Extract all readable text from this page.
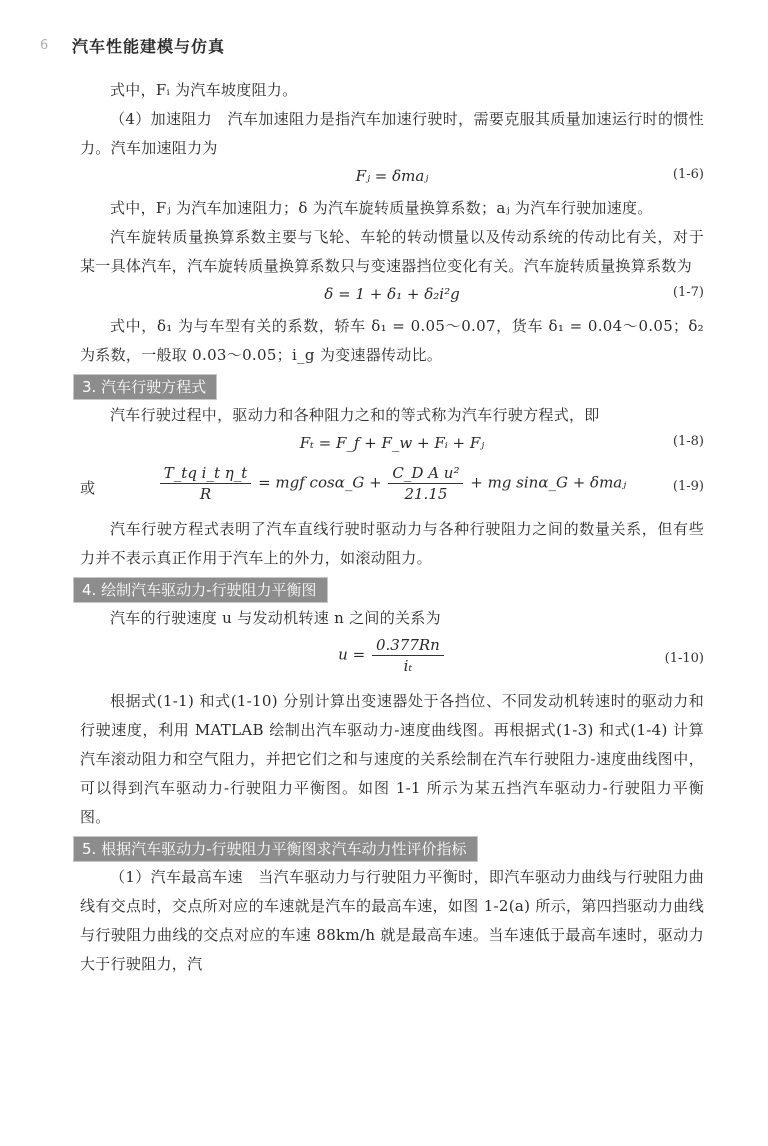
6	汽车性能建模与仿真

式中，Fᵢ 为汽车坡度阻力。

（4）加速阻力　汽车加速阻力是指汽车加速行驶时，需要克服其质量加速运行时的惯性力。汽车加速阻力为

Fⱼ = δmaⱼ	(1-6)

式中，Fⱼ 为汽车加速阻力；δ 为汽车旋转质量换算系数；aⱼ 为汽车行驶加速度。

汽车旋转质量换算系数主要与飞轮、车轮的转动惯量以及传动系统的传动比有关，对于某一具体汽车，汽车旋转质量换算系数只与变速器挡位变化有关。汽车旋转质量换算系数为

δ = 1 + δ₁ + δ₂i²g	(1-7)

式中，δ₁ 为与车型有关的系数，轿车 δ₁ = 0.05～0.07，货车 δ₁ = 0.04～0.05；δ₂ 为系数，一般取 0.03～0.05；i_g 为变速器传动比。

3. 汽车行驶方程式

汽车行驶过程中，驱动力和各种阻力之和的等式称为汽车行驶方程式，即

Fₜ = F_f + F_w + Fᵢ + Fⱼ	(1-8)
或	$\frac{\text{T\_tq i\_t η\_t}}{R}$ = mgf cosα_G + $\frac{\text{C\_D A u²}}{21.15}$ + mg sinα_G + δmaⱼ	(1-9)

汽车行驶方程式表明了汽车直线行驶时驱动力与各种行驶阻力之间的数量关系，但有些力并不表示真正作用于汽车上的外力，如滚动阻力。

4. 绘制汽车驱动力-行驶阻力平衡图

汽车的行驶速度 u 与发动机转速 n 之间的关系为

$u = \frac{0.377Rn}{\text{iₜ}}$	(1-10)

根据式(1-1) 和式(1-10) 分别计算出变速器处于各挡位、不同发动机转速时的驱动力和行驶速度，利用 MATLAB 绘制出汽车驱动力-速度曲线图。再根据式(1-3) 和式(1-4) 计算汽车滚动阻力和空气阻力，并把它们之和与速度的关系绘制在汽车行驶阻力-速度曲线图中，可以得到汽车驱动力-行驶阻力平衡图。如图 1-1 所示为某五挡汽车驱动力-行驶阻力平衡图。

5. 根据汽车驱动力-行驶阻力平衡图求汽车动力性评价指标

（1）汽车最高车速　当汽车驱动力与行驶阻力平衡时，即汽车驱动力曲线与行驶阻力曲线有交点时，交点所对应的车速就是汽车的最高车速，如图 1-2(a) 所示，第四挡驱动力曲线与行驶阻力曲线的交点对应的车速 88km/h 就是最高车速。当车速低于最高车速时，驱动力大于行驶阻力，汽
